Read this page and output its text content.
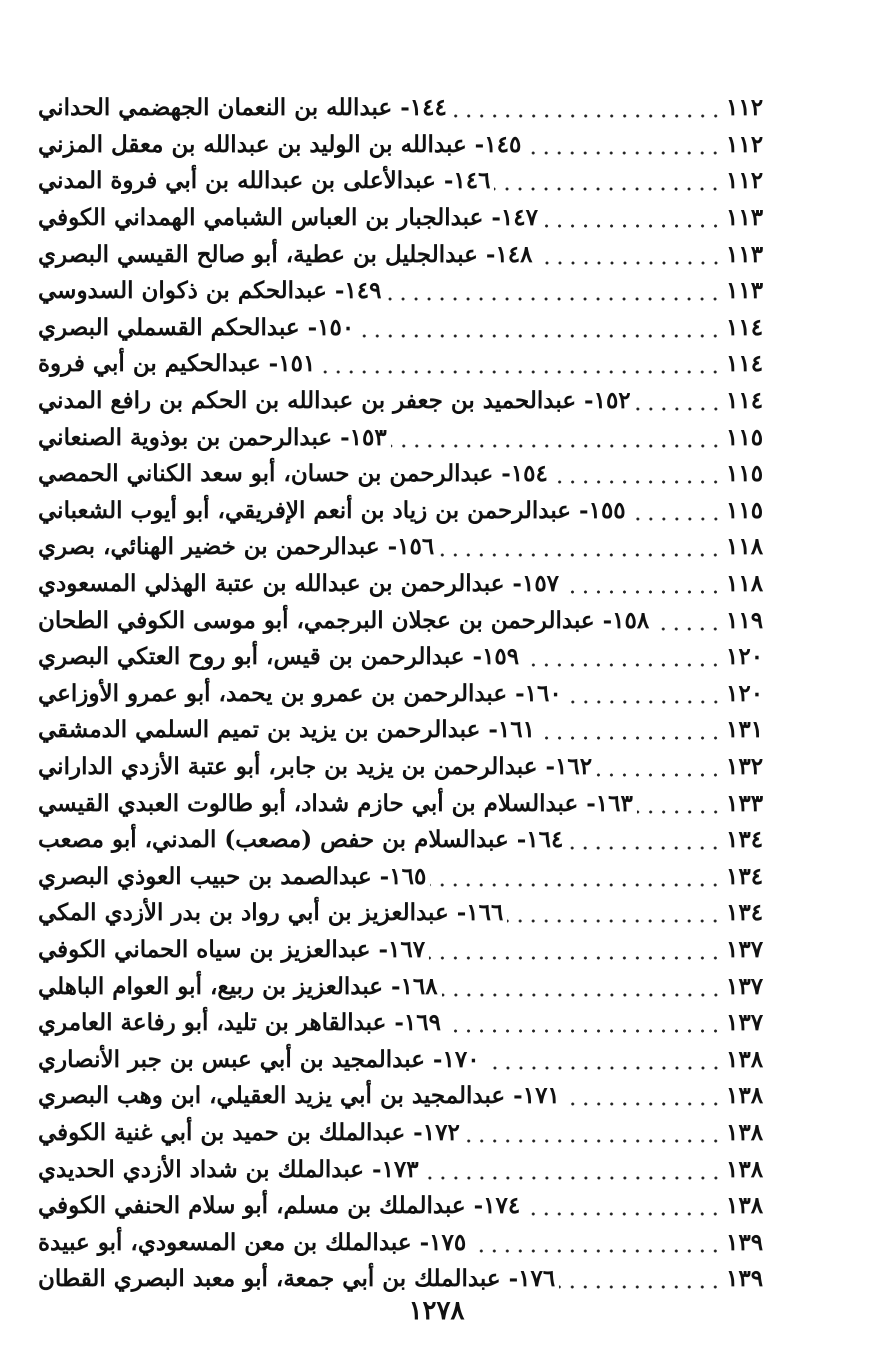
١٤٤- عبدالله بن النعمان الجهضمي الحداني	١١٢
١٤٥- عبدالله بن الوليد بن عبدالله بن معقل المزني	١١٢
١٤٦- عبدالأعلى بن عبدالله بن أبي فروة المدني	١١٢
١٤٧- عبدالجبار بن العباس الشبامي الهمداني الكوفي	١١٣
١٤٨- عبدالجليل بن عطية، أبو صالح القيسي البصري	١١٣
١٤٩- عبدالحكم بن ذكوان السدوسي	١١٣
١٥٠- عبدالحكم القسملي البصري	١١٤
١٥١- عبدالحكيم بن أبي فروة	١١٤
١٥٢- عبدالحميد بن جعفر بن عبدالله بن الحكم بن رافع المدني	١١٤
١٥٣- عبدالرحمن بن بوذوية الصنعاني	١١٥
١٥٤- عبدالرحمن بن حسان، أبو سعد الكناني الحمصي	١١٥
١٥٥- عبدالرحمن بن زياد بن أنعم الإفريقي، أبو أيوب الشعباني	١١٥
١٥٦- عبدالرحمن بن خضير الهنائي، بصري	١١٨
١٥٧- عبدالرحمن بن عبدالله بن عتبة الهذلي المسعودي	١١٨
١٥٨- عبدالرحمن بن عجلان البرجمي، أبو موسى الكوفي الطحان	١١٩
١٥٩- عبدالرحمن بن قيس، أبو روح العتكي البصري	١٢٠
١٦٠- عبدالرحمن بن عمرو بن يحمد، أبو عمرو الأوزاعي	١٢٠
١٦١- عبدالرحمن بن يزيد بن تميم السلمي الدمشقي	١٣١
١٦٢- عبدالرحمن بن يزيد بن جابر، أبو عتبة الأزدي الداراني	١٣٢
١٦٣- عبدالسلام بن أبي حازم شداد، أبو طالوت العبدي القيسي	١٣٣
١٦٤- عبدالسلام بن حفص (مصعب) المدني، أبو مصعب	١٣٤
١٦٥- عبدالصمد بن حبيب العوذي البصري	١٣٤
١٦٦- عبدالعزيز بن أبي رواد بن بدر الأزدي المكي	١٣٤
١٦٧- عبدالعزيز بن سياه الحماني الكوفي	١٣٧
١٦٨- عبدالعزيز بن ربيع، أبو العوام الباهلي	١٣٧
١٦٩- عبدالقاهر بن تليد، أبو رفاعة العامري	١٣٧
١٧٠- عبدالمجيد بن أبي عبس بن جبر الأنصاري	١٣٨
١٧١- عبدالمجيد بن أبي يزيد العقيلي، ابن وهب البصري	١٣٨
١٧٢- عبدالملك بن حميد بن أبي غنية الكوفي	١٣٨
١٧٣- عبدالملك بن شداد الأزدي الحديدي	١٣٨
١٧٤- عبدالملك بن مسلم، أبو سلام الحنفي الكوفي	١٣٨
١٧٥- عبدالملك بن معن المسعودي، أبو عبيدة	١٣٩
١٧٦- عبدالملك بن أبي جمعة، أبو معبد البصري القطان	١٣٩
١٢٧٨
